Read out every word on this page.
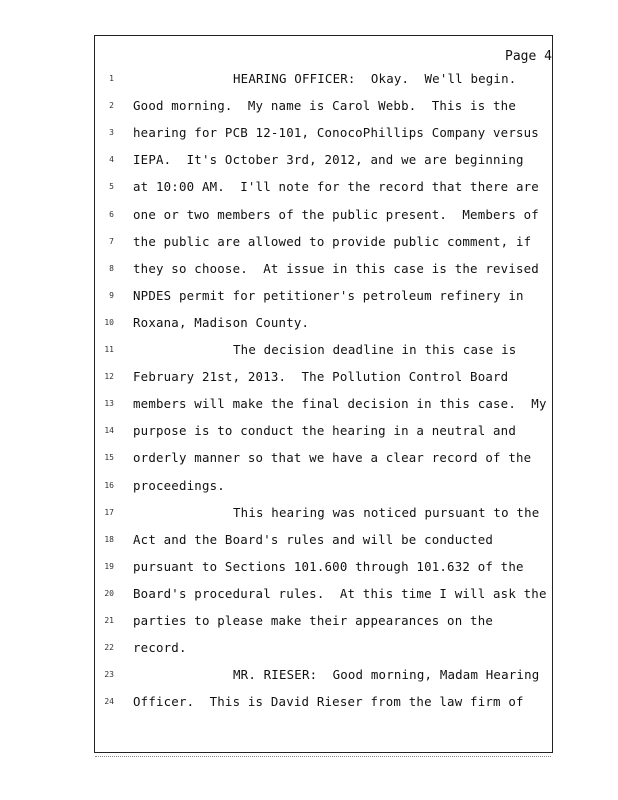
Page 4
1	HEARING OFFICER:  Okay.  We'll begin.
2 Good morning.  My name is Carol Webb.  This is the
3 hearing for PCB 12-101, ConocoPhillips Company versus
4 IEPA.  It's October 3rd, 2012, and we are beginning
5 at 10:00 AM.  I'll note for the record that there are
6 one or two members of the public present.  Members of
7 the public are allowed to provide public comment, if
8 they so choose.  At issue in this case is the revised
9 NPDES permit for petitioner's petroleum refinery in
10 Roxana, Madison County.
11	The decision deadline in this case is
12 February 21st, 2013.  The Pollution Control Board
13 members will make the final decision in this case.  My
14 purpose is to conduct the hearing in a neutral and
15 orderly manner so that we have a clear record of the
16 proceedings.
17	This hearing was noticed pursuant to the
18 Act and the Board's rules and will be conducted
19 pursuant to Sections 101.600 through 101.632 of the
20 Board's procedural rules.  At this time I will ask the
21 parties to please make their appearances on the
22 record.
23	MR. RIESER:  Good morning, Madam Hearing
24 Officer.  This is David Rieser from the law firm of
